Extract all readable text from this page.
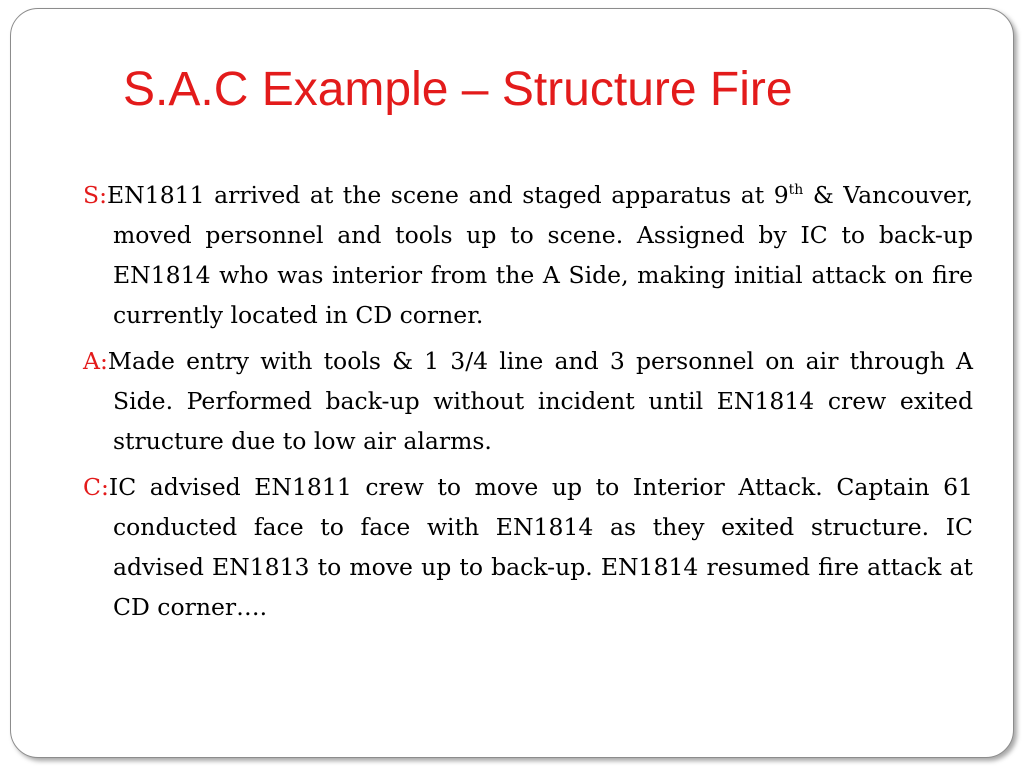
S.A.C Example – Structure Fire

S:EN1811 arrived at the scene and staged apparatus at 9th & Vancouver, moved personnel and tools up to scene. Assigned by IC to back-up EN1814 who was interior from the A Side, making initial attack on fire currently located in CD corner.

A:Made entry with tools & 1 3/4 line and 3 personnel on air through A Side. Performed back-up without incident until EN1814 crew exited structure due to low air alarms.

C:IC advised EN1811 crew to move up to Interior Attack. Captain 61 conducted face to face with EN1814 as they exited structure. IC advised EN1813 to move up to back-up. EN1814 resumed fire attack at CD corner….
